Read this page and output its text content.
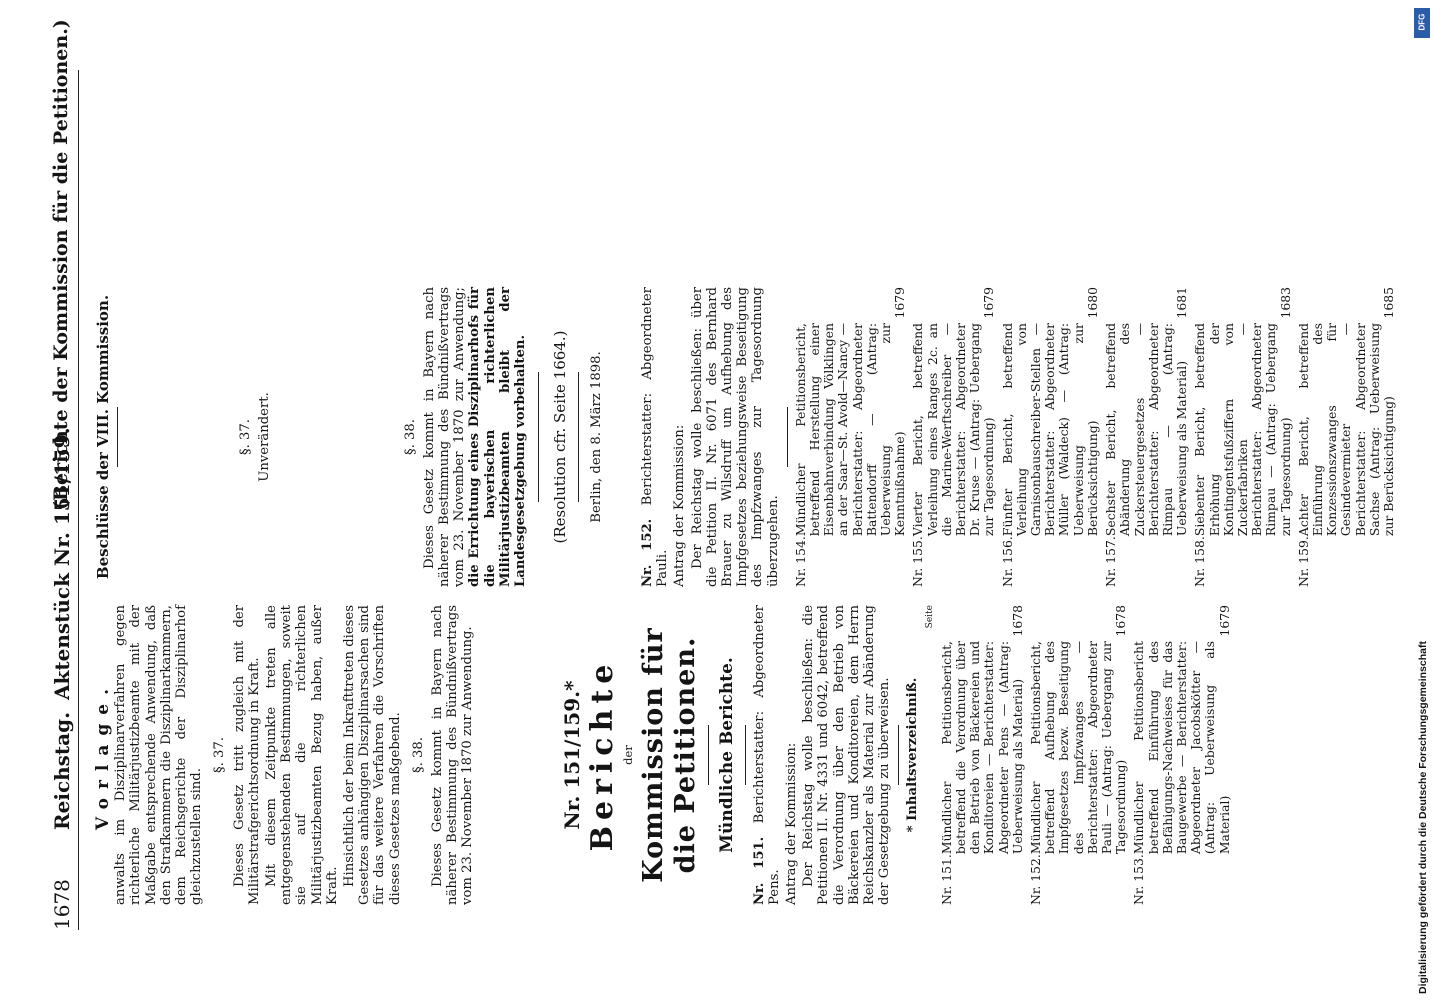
1678
Reichstag.
Aktenstück Nr. 151/159.
(Berichte der Kommission für die Petitionen.)

Vorlage. anwalts im Disziplinarverfahren gegen richterliche Militärjustizbeamte mit der Maßgabe entsprechende Anwendung, daß den Strafkammern die Disziplinarkammern, dem Reichsgerichte der Disziplinarhof gleichzustellen sind.

§. 37. Dieses Gesetz tritt zugleich mit der Militärstrafgerichtsordnung in Kraft. Mit diesem Zeitpunkte treten alle entgegenstehenden Bestimmungen, soweit sie auf die richterlichen Militärjustizbeamten Bezug haben, außer Kraft. Hinsichtlich der beim Inkrafttreten dieses Gesetzes anhängigen Disziplinarsachen sind für das weitere Verfahren die Vorschriften dieses Gesetzes maßgebend. §. 38. Dieses Gesetz kommt in Bayern nach näherer Bestimmung des Bündnißvertrags vom 23. November 1870 zur Anwendung.

Beschlüsse der VIII. Kommission.	§. 37. Unverändert.	§. 38. Dieses Gesetz kommt in Bayern nach näherer Bestimmung des Bündnißvertrags vom 23. November 1870 zur Anwendung; die Errichtung eines Disziplinarhofs für die bayerischen richterlichen Militärjustizbeamten bleibt der Landesgesetzgebung vorbehalten. (Resolution cfr. Seite 1664.) Berlin, den 8. März 1898.

Nr. 151/159.* Berichte der Kommission für die Petitionen. Mündliche Berichte.

Nr. 151. Berichterstatter: Abgeordneter Pens. Antrag der Kommission: Der Reichstag wolle beschließen: die Petitionen II. Nr. 4331 und 6042, betreffend die Verordnung über den Betrieb von Bäckereien und Konditoreien, dem Herrn Reichskanzler als Material zur Abänderung der Gesetzgebung zu überweisen. * Inhaltsverzeichniß.

Seite

Nr. 151.	Mündlicher Petitionsbericht, betreffend die Verordnung über den Betrieb von Bäckereien und Konditoreien — Berichterstatter: Abgeordneter Pens — (Antrag: Ueberweisung als Material)	1678
Nr. 152.	Mündlicher Petitionsbericht, betreffend Aufhebung des Impfgesetzes bezw. Beseitigung des Impfzwanges — Berichterstatter: Abgeordneter Pauli — (Antrag: Uebergang zur Tagesordnung)	1678
Nr. 153.	Mündlicher Petitionsbericht betreffend Einführung des Befähigungs-Nachweises für das Baugewerbe — Berichterstatter: Abgeordneter Jacobskötter — (Antrag: Ueberweisung als Material)	1679

Nr. 152. Berichterstatter: Abgeordneter Pauli. Antrag der Kommission: Der Reichstag wolle beschließen: über die Petition II. Nr. 6071 des Bernhard Brauer zu Wilsdruff um Aufhebung des Impfgesetzes beziehungsweise Beseitigung des Impfzwanges zur Tagesordnung überzugehen. Nr. 154.	Mündlicher Petitionsbericht, betreffend Herstellung einer Eisenbahnverbindung Völklingen an der Saar—St. Avold—Nancy — Berichterstatter: Abgeordneter Battendorff — (Antrag: Ueberweisung zur Kenntnißnahme)	1679
Nr. 155.	Vierter Bericht, betreffend Verleihung eines Ranges 2c. an die Marine-Werftschreiber — Berichterstatter: Abgeordneter Dr. Kruse — (Antrag: Uebergang zur Tagesordnung)	1679
Nr. 156.	Fünfter Bericht, betreffend Verleihung von Garnisonbauschreiber-Stellen — Berichterstatter: Abgeordneter Müller (Waldeck) — (Antrag: Ueberweisung zur Berücksichtigung)	1680
Nr. 157.	Sechster Bericht, betreffend Abänderung des Zuckersteuergesetzes — Berichterstatter: Abgeordneter Rimpau — (Antrag: Ueberweisung als Material)	1681
Nr. 158.	Siebenter Bericht, betreffend Erhöhung der Kontingentsfußziffern von Zuckerfabriken — Berichterstatter: Abgeordneter Rimpau — (Antrag: Uebergang zur Tagesordnung)	1683
Nr. 159.	Achter Bericht, betreffend Einführung des Konzessionszwanges für Gesindevermieter — Berichterstatter: Abgeordneter Sachse (Antrag: Ueberweisung zur Berücksichtigung)	1685
DFG
Digitalisierung gefördert durch die Deutsche Forschungsgemeinschaft
